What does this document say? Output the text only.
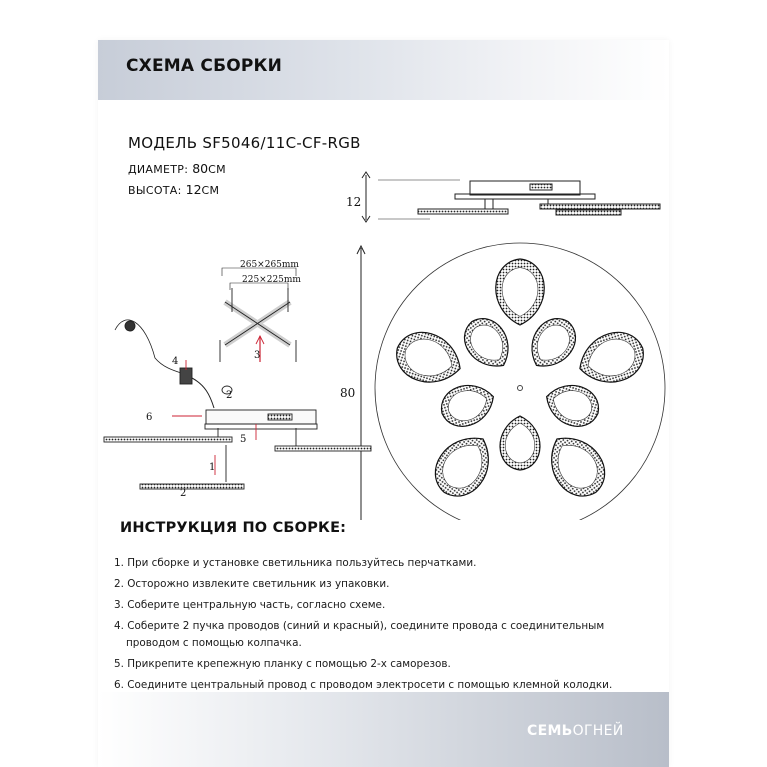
СХЕМА СБОРКИ
МОДЕЛЬ SF5046/11C-CF-RGB
ДИАМЕТР: 80СМ
ВЫСОТА: 12СМ
12
80
265×265mm
225×225mm
3
4
2
6
5
1
2
ИНСТРУКЦИЯ ПО СБОРКЕ:
1. При сборке и установке светильника пользуйтесь перчатками.
2. Осторожно извлеките светильник из упаковки.
3. Соберите центральную часть, согласно схеме.
4. Соберите 2 пучка проводов (синий и красный), соедините провода с соединительным
проводом с помощью колпачка.
5. Прикрепите крепежную планку с помощью 2-х саморезов.
6. Соедините центральный провод с проводом электросети с помощью клемной колодки.
СЕМЬОГНЕЙ
